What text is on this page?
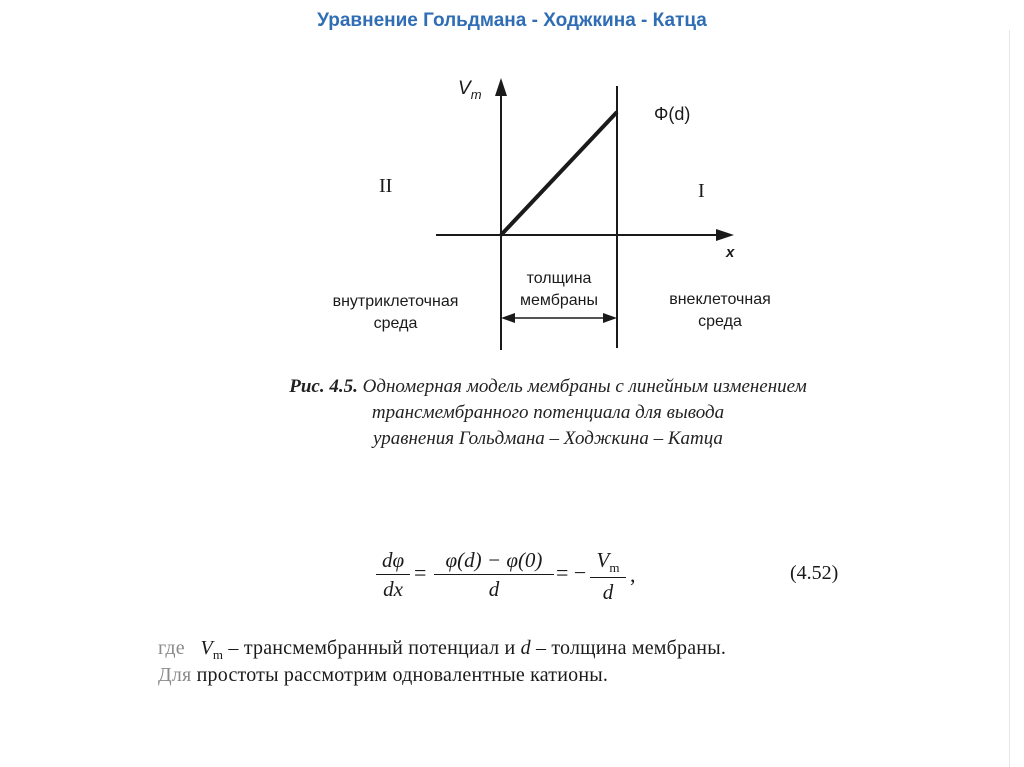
Уравнение Гольдмана - Ходжкина - Катца
$V_m$
Φ(d)
x
II	I
внутриклеточная
среда
толщина
мембраны	внеклеточная
среда
Рис. 4.5. Одномерная модель мембраны с линейным изменением
трансмембранного потенциала для вывода
уравнения Гольдмана – Ходжкина – Катца
$\frac{d\varphi}{dx} = \frac{\varphi(d) - \varphi(0)}{d}$ = − $\frac{V_m}{d}$ ,	(4.52)
где $V_m$ – трансмембранный потенциал и d – толщина мембраны.
Для простоты рассмотрим одновалентные катионы.
